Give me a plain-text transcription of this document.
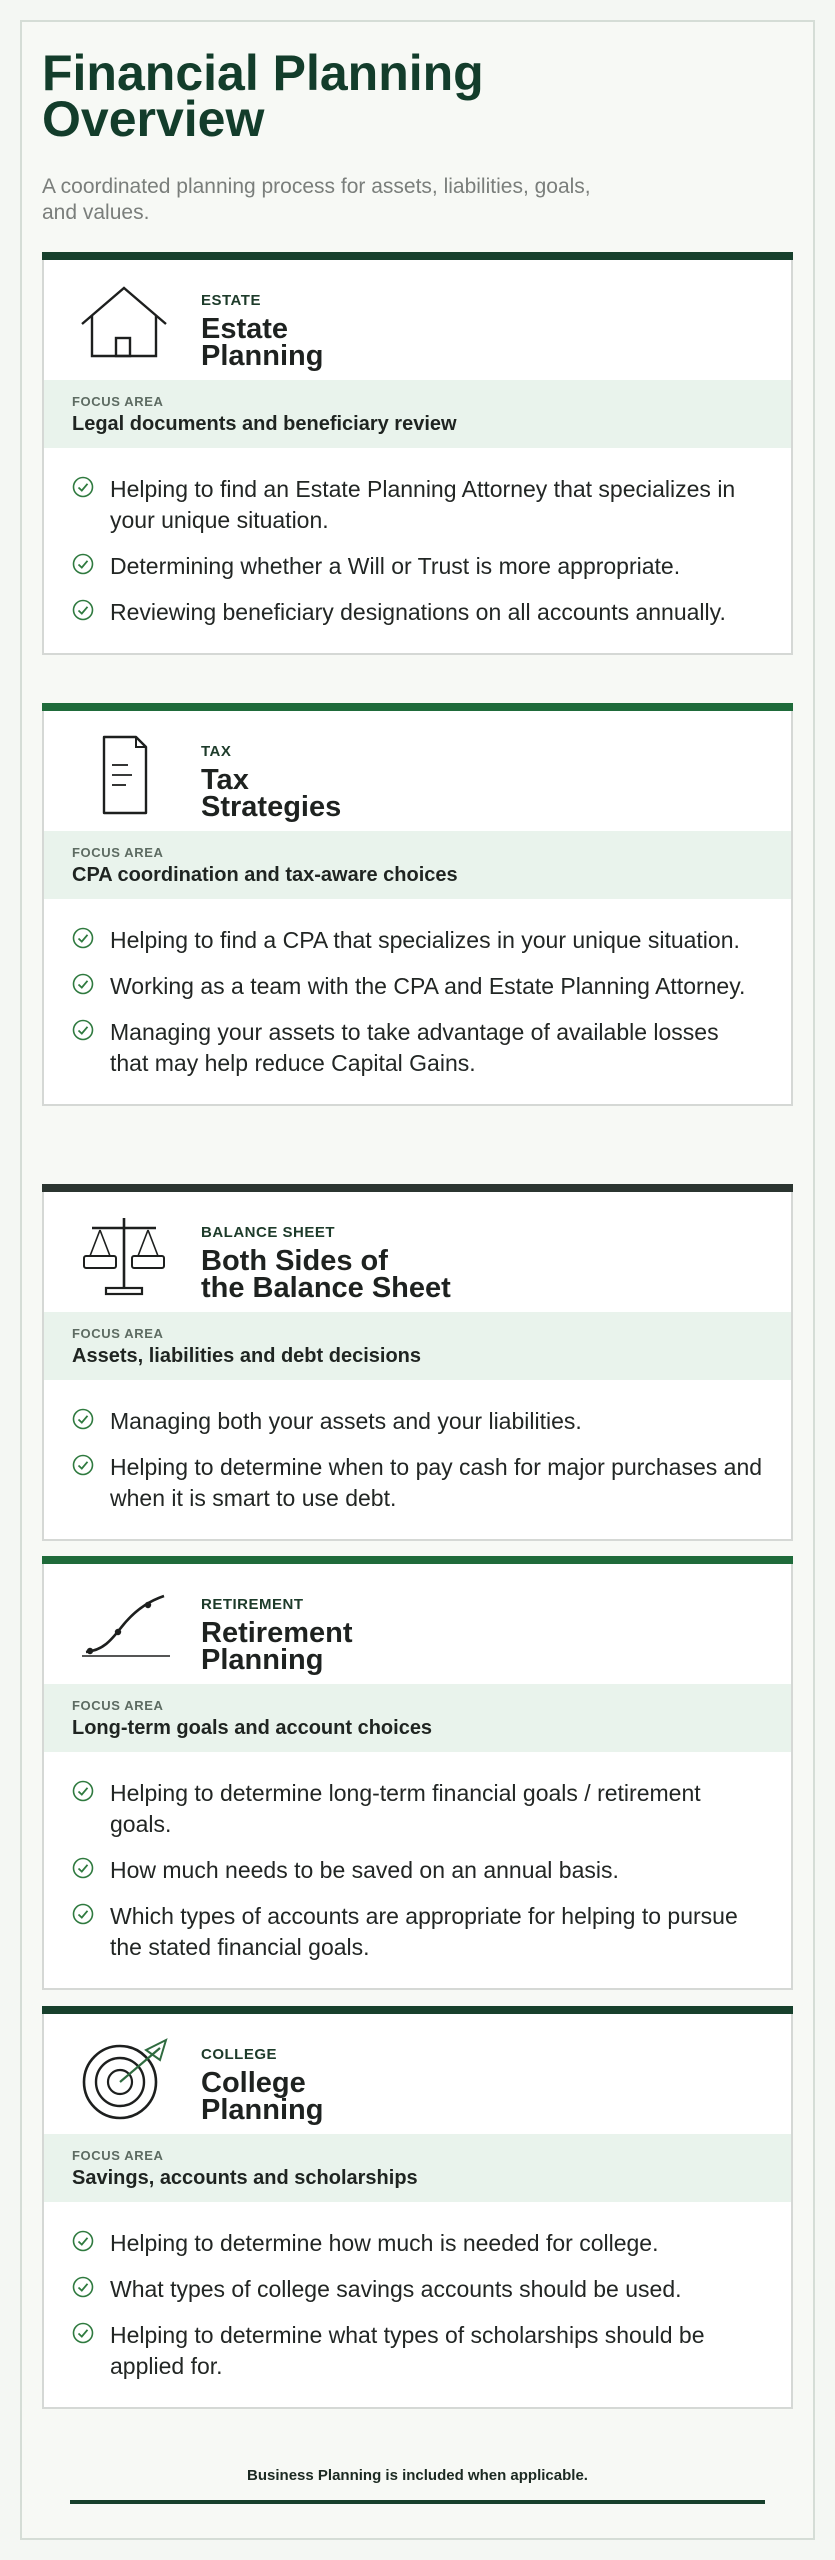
Financial Planning
Overview

A coordinated planning process for assets, liabilities, goals, and values.

ESTATE
Estate
Planning
FOCUS AREA
Legal documents and beneficiary review
Helping to find an Estate Planning Attorney that specializes in your unique situation.
Determining whether a Will or Trust is more appropriate.
Reviewing beneficiary designations on all accounts annually.
TAX
Tax
Strategies
FOCUS AREA
CPA coordination and tax-aware choices
Helping to find a CPA that specializes in your unique situation.
Working as a team with the CPA and Estate Planning Attorney.
Managing your assets to take advantage of available losses that may help reduce Capital Gains.
BALANCE SHEET
Both Sides of
the Balance Sheet
FOCUS AREA
Assets, liabilities and debt decisions
Managing both your assets and your liabilities.
Helping to determine when to pay cash for major purchases and when it is smart to use debt.
RETIREMENT
Retirement
Planning
FOCUS AREA
Long-term goals and account choices
Helping to determine long-term financial goals / retirement goals.
How much needs to be saved on an annual basis.
Which types of accounts are appropriate for helping to pursue the stated financial goals.
COLLEGE
College
Planning
FOCUS AREA
Savings, accounts and scholarships
Helping to determine how much is needed for college.
What types of college savings accounts should be used.
Helping to determine what types of scholarships should be applied for.
Business Planning is included when applicable.
